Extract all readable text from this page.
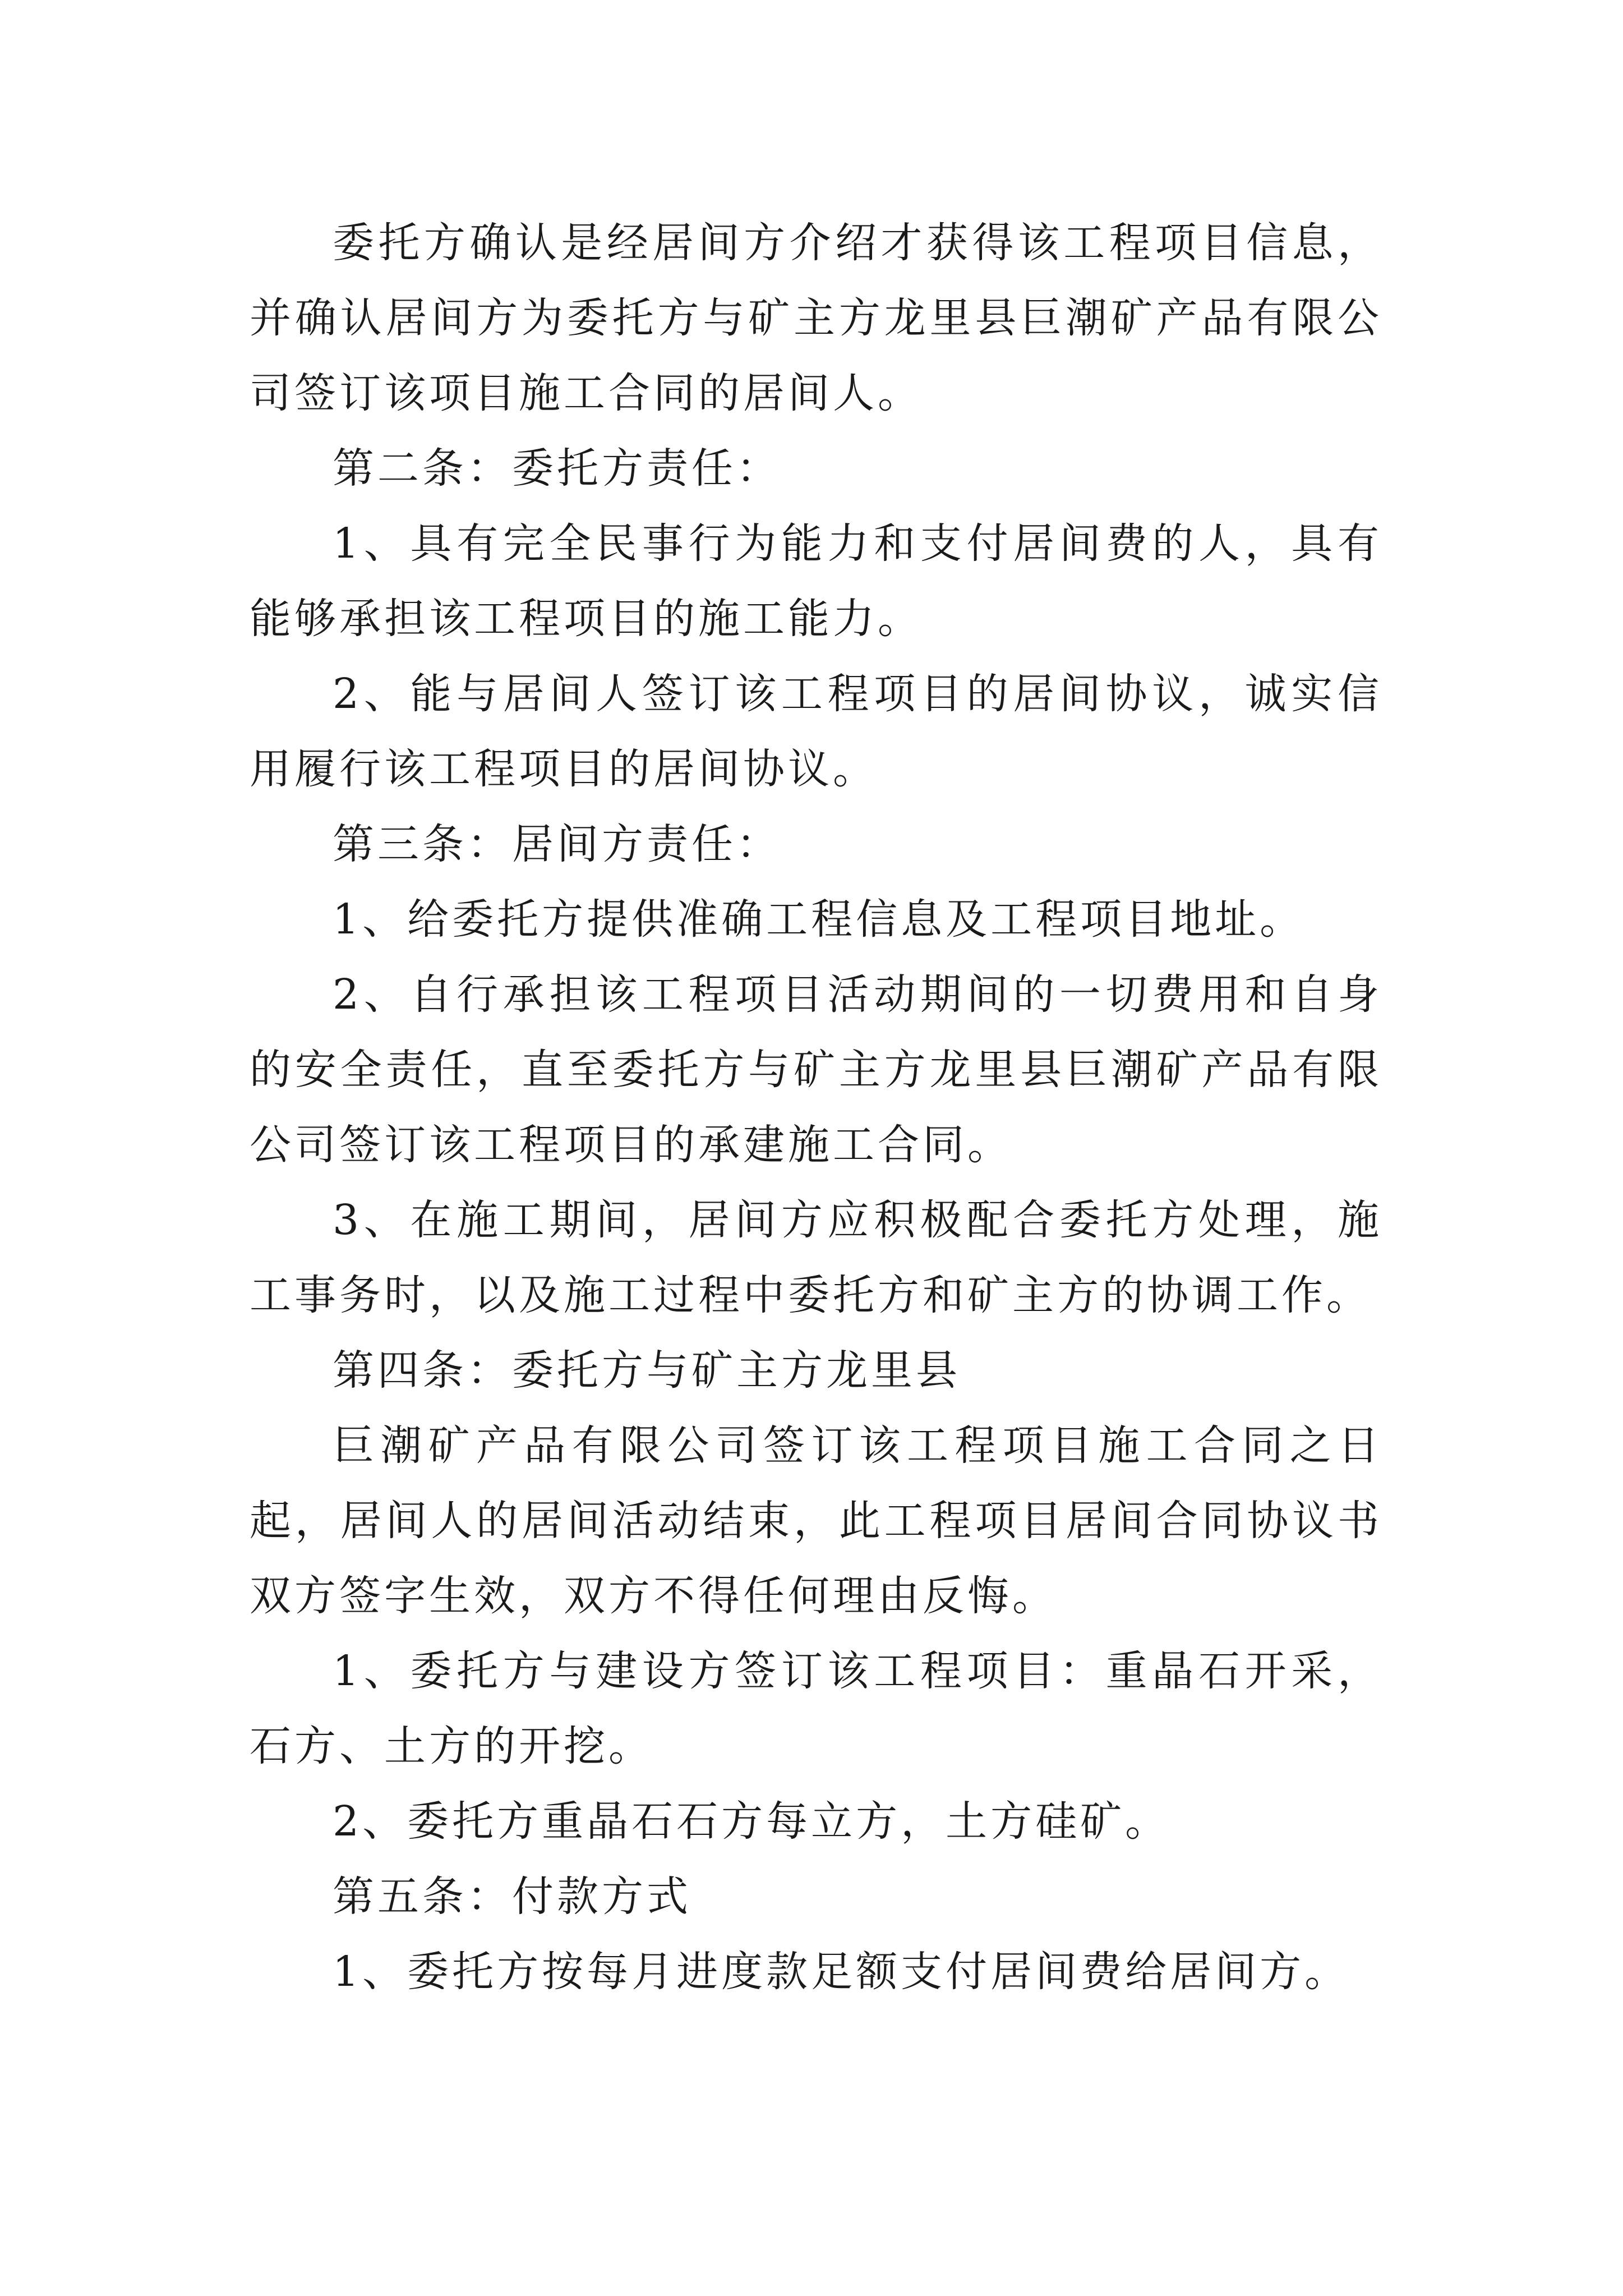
委托方确认是经居间方介绍才获得该工程项目信息，并确认居间方为委托方与矿主方龙里县巨潮矿产品有限公司签订该项目施工合同的居间人。

第二条：委托方责任：

1、具有完全民事行为能力和支付居间费的人，具有能够承担该工程项目的施工能力。

2、能与居间人签订该工程项目的居间协议，诚实信用履行该工程项目的居间协议。

第三条：居间方责任：

1、给委托方提供准确工程信息及工程项目地址。

2、自行承担该工程项目活动期间的一切费用和自身的安全责任，直至委托方与矿主方龙里县巨潮矿产品有限公司签订该工程项目的承建施工合同。

3、在施工期间，居间方应积极配合委托方处理，施工事务时，以及施工过程中委托方和矿主方的协调工作。

第四条：委托方与矿主方龙里县

巨潮矿产品有限公司签订该工程项目施工合同之日起，居间人的居间活动结束，此工程项目居间合同协议书双方签字生效，双方不得任何理由反悔。

1、委托方与建设方签订该工程项目：重晶石开采，石方、土方的开挖。

2、委托方重晶石石方每立方，土方硅矿。

第五条：付款方式

1、委托方按每月进度款足额支付居间费给居间方。
